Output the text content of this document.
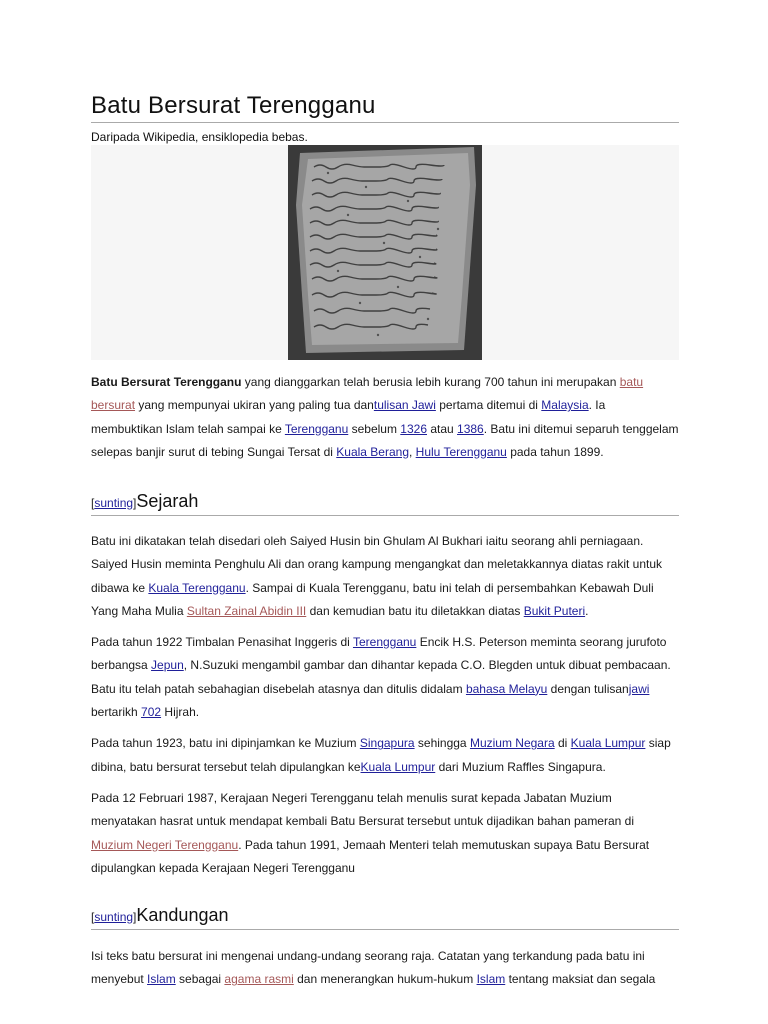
Batu Bersurat Terengganu
Daripada Wikipedia, ensiklopedia bebas.

Batu Bersurat Terengganu yang dianggarkan telah berusia lebih kurang 700 tahun ini merupakan batu bersurat yang mempunyai ukiran yang paling tua dantulisan Jawi pertama ditemui di Malaysia. Ia membuktikan Islam telah sampai ke Terengganu sebelum 1326 atau 1386. Batu ini ditemui separuh tenggelam selepas banjir surut di tebing Sungai Tersat di Kuala Berang, Hulu Terengganu pada tahun 1899.

[sunting]Sejarah

Batu ini dikatakan telah disedari oleh Saiyed Husin bin Ghulam Al Bukhari iaitu seorang ahli perniagaan. Saiyed Husin meminta Penghulu Ali dan orang kampung mengangkat dan meletakkannya diatas rakit untuk dibawa ke Kuala Terengganu. Sampai di Kuala Terengganu, batu ini telah di persembahkan Kebawah Duli Yang Maha Mulia Sultan Zainal Abidin III dan kemudian batu itu diletakkan diatas Bukit Puteri.

Pada tahun 1922 Timbalan Penasihat Inggeris di Terengganu Encik H.S. Peterson meminta seorang jurufoto berbangsa Jepun, N.Suzuki mengambil gambar dan dihantar kepada C.O. Blegden untuk dibuat pembacaan. Batu itu telah patah sebahagian disebelah atasnya dan ditulis didalam bahasa Melayu dengan tulisanjawi bertarikh 702 Hijrah.

Pada tahun 1923, batu ini dipinjamkan ke Muzium Singapura sehingga Muzium Negara di Kuala Lumpur siap dibina, batu bersurat tersebut telah dipulangkan keKuala Lumpur dari Muzium Raffles Singapura.

Pada 12 Februari 1987, Kerajaan Negeri Terengganu telah menulis surat kepada Jabatan Muzium menyatakan hasrat untuk mendapat kembali Batu Bersurat tersebut untuk dijadikan bahan pameran di Muzium Negeri Terengganu. Pada tahun 1991, Jemaah Menteri telah memutuskan supaya Batu Bersurat dipulangkan kepada Kerajaan Negeri Terengganu

[sunting]Kandungan

Isi teks batu bersurat ini mengenai undang-undang seorang raja. Catatan yang terkandung pada batu ini menyebut Islam sebagai agama rasmi dan menerangkan hukum-hukum Islam tentang maksiat dan segala
